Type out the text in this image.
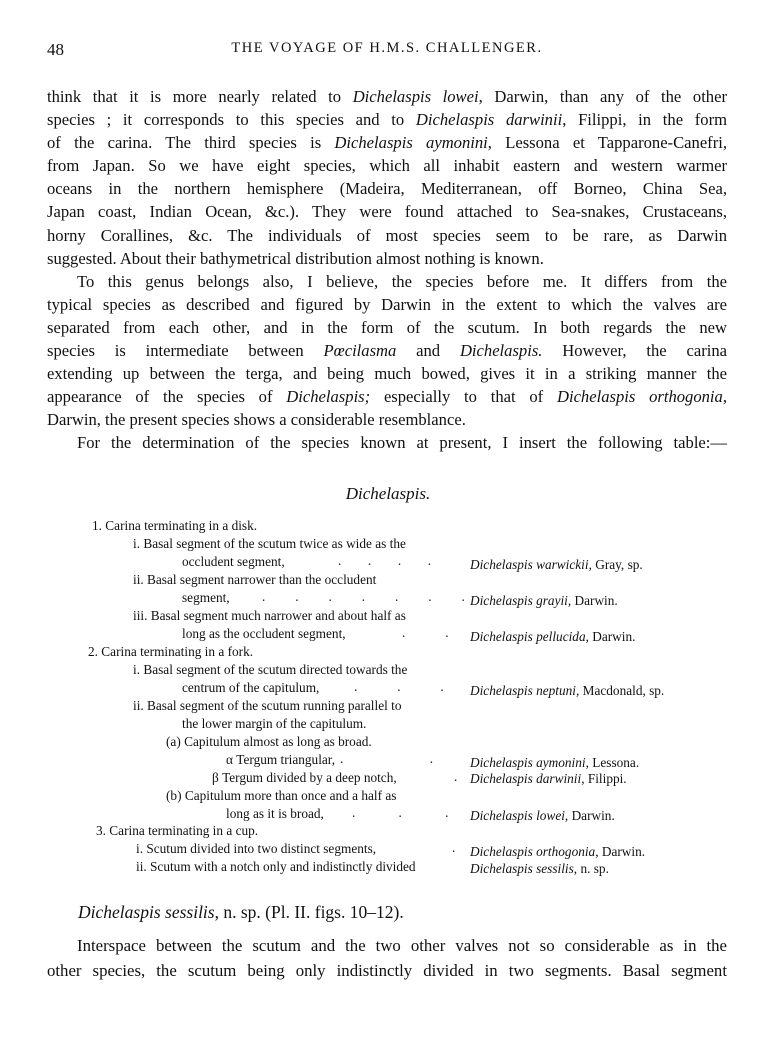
48	THE VOYAGE OF H.M.S. CHALLENGER.
think that it is more nearly related to Dichelaspis lowei, Darwin, than any of the other
species ; it corresponds to this species and to Dichelaspis darwinii, Filippi, in the form
of the carina. The third species is Dichelaspis aymonini, Lessona et Tapparone-Canefri,
from Japan. So we have eight species, which all inhabit eastern and western warmer
oceans in the northern hemisphere (Madeira, Mediterranean, off Borneo, China Sea,
Japan coast, Indian Ocean, &c.). They were found attached to Sea-snakes, Crustaceans,
horny Corallines, &c. The individuals of most species seem to be rare, as Darwin
suggested. About their bathymetrical distribution almost nothing is known.
To this genus belongs also, I believe, the species before me. It differs from the
typical species as described and figured by Darwin in the extent to which the valves are
separated from each other, and in the form of the scutum. In both regards the new
species is intermediate between Pœcilasma and Dichelaspis. However, the carina
extending up between the terga, and being much bowed, gives it in a striking manner the
appearance of the species of Dichelaspis; especially to that of Dichelaspis orthogonia,
Darwin, the present species shows a considerable resemblance.
For the determination of the species known at present, I insert the following table:—
Dichelaspis.
1. Carina terminating in a disk.
i. Basal segment of the scutum twice as wide as the
occludent segment,	.        .        .        .	Dichelaspis warwickii, Gray, sp.
ii. Basal segment narrower than the occludent
segment, .         .         .         .         .         .         . Dichelaspis grayii, Darwin.
iii. Basal segment much narrower and about half as
long as the occludent segment,	.            . Dichelaspis pellucida, Darwin.
2. Carina terminating in a fork.
i. Basal segment of the scutum directed towards the
centrum of the capitulum,	.            .            . Dichelaspis neptuni, Macdonald, sp.
ii. Basal segment of the scutum running parallel to
the lower margin of the capitulum.
(a) Capitulum almost as long as broad.
α Tergum triangular, .                          .	Dichelaspis aymonini, Lessona.
β Tergum divided by a deep notch,	. Dichelaspis darwinii, Filippi.
(b) Capitulum more than once and a half as
long as it is broad, .             .             . Dichelaspis lowei, Darwin.
3. Carina terminating in a cup.
i. Scutum divided into two distinct segments,	. Dichelaspis orthogonia, Darwin.
ii. Scutum with a notch only and indistinctly divided	Dichelaspis sessilis, n. sp.
Dichelaspis sessilis, n. sp. (Pl. II. figs. 10–12).
Interspace between the scutum and the two other valves not so considerable as in the
other species, the scutum being only indistinctly divided in two segments. Basal segment
